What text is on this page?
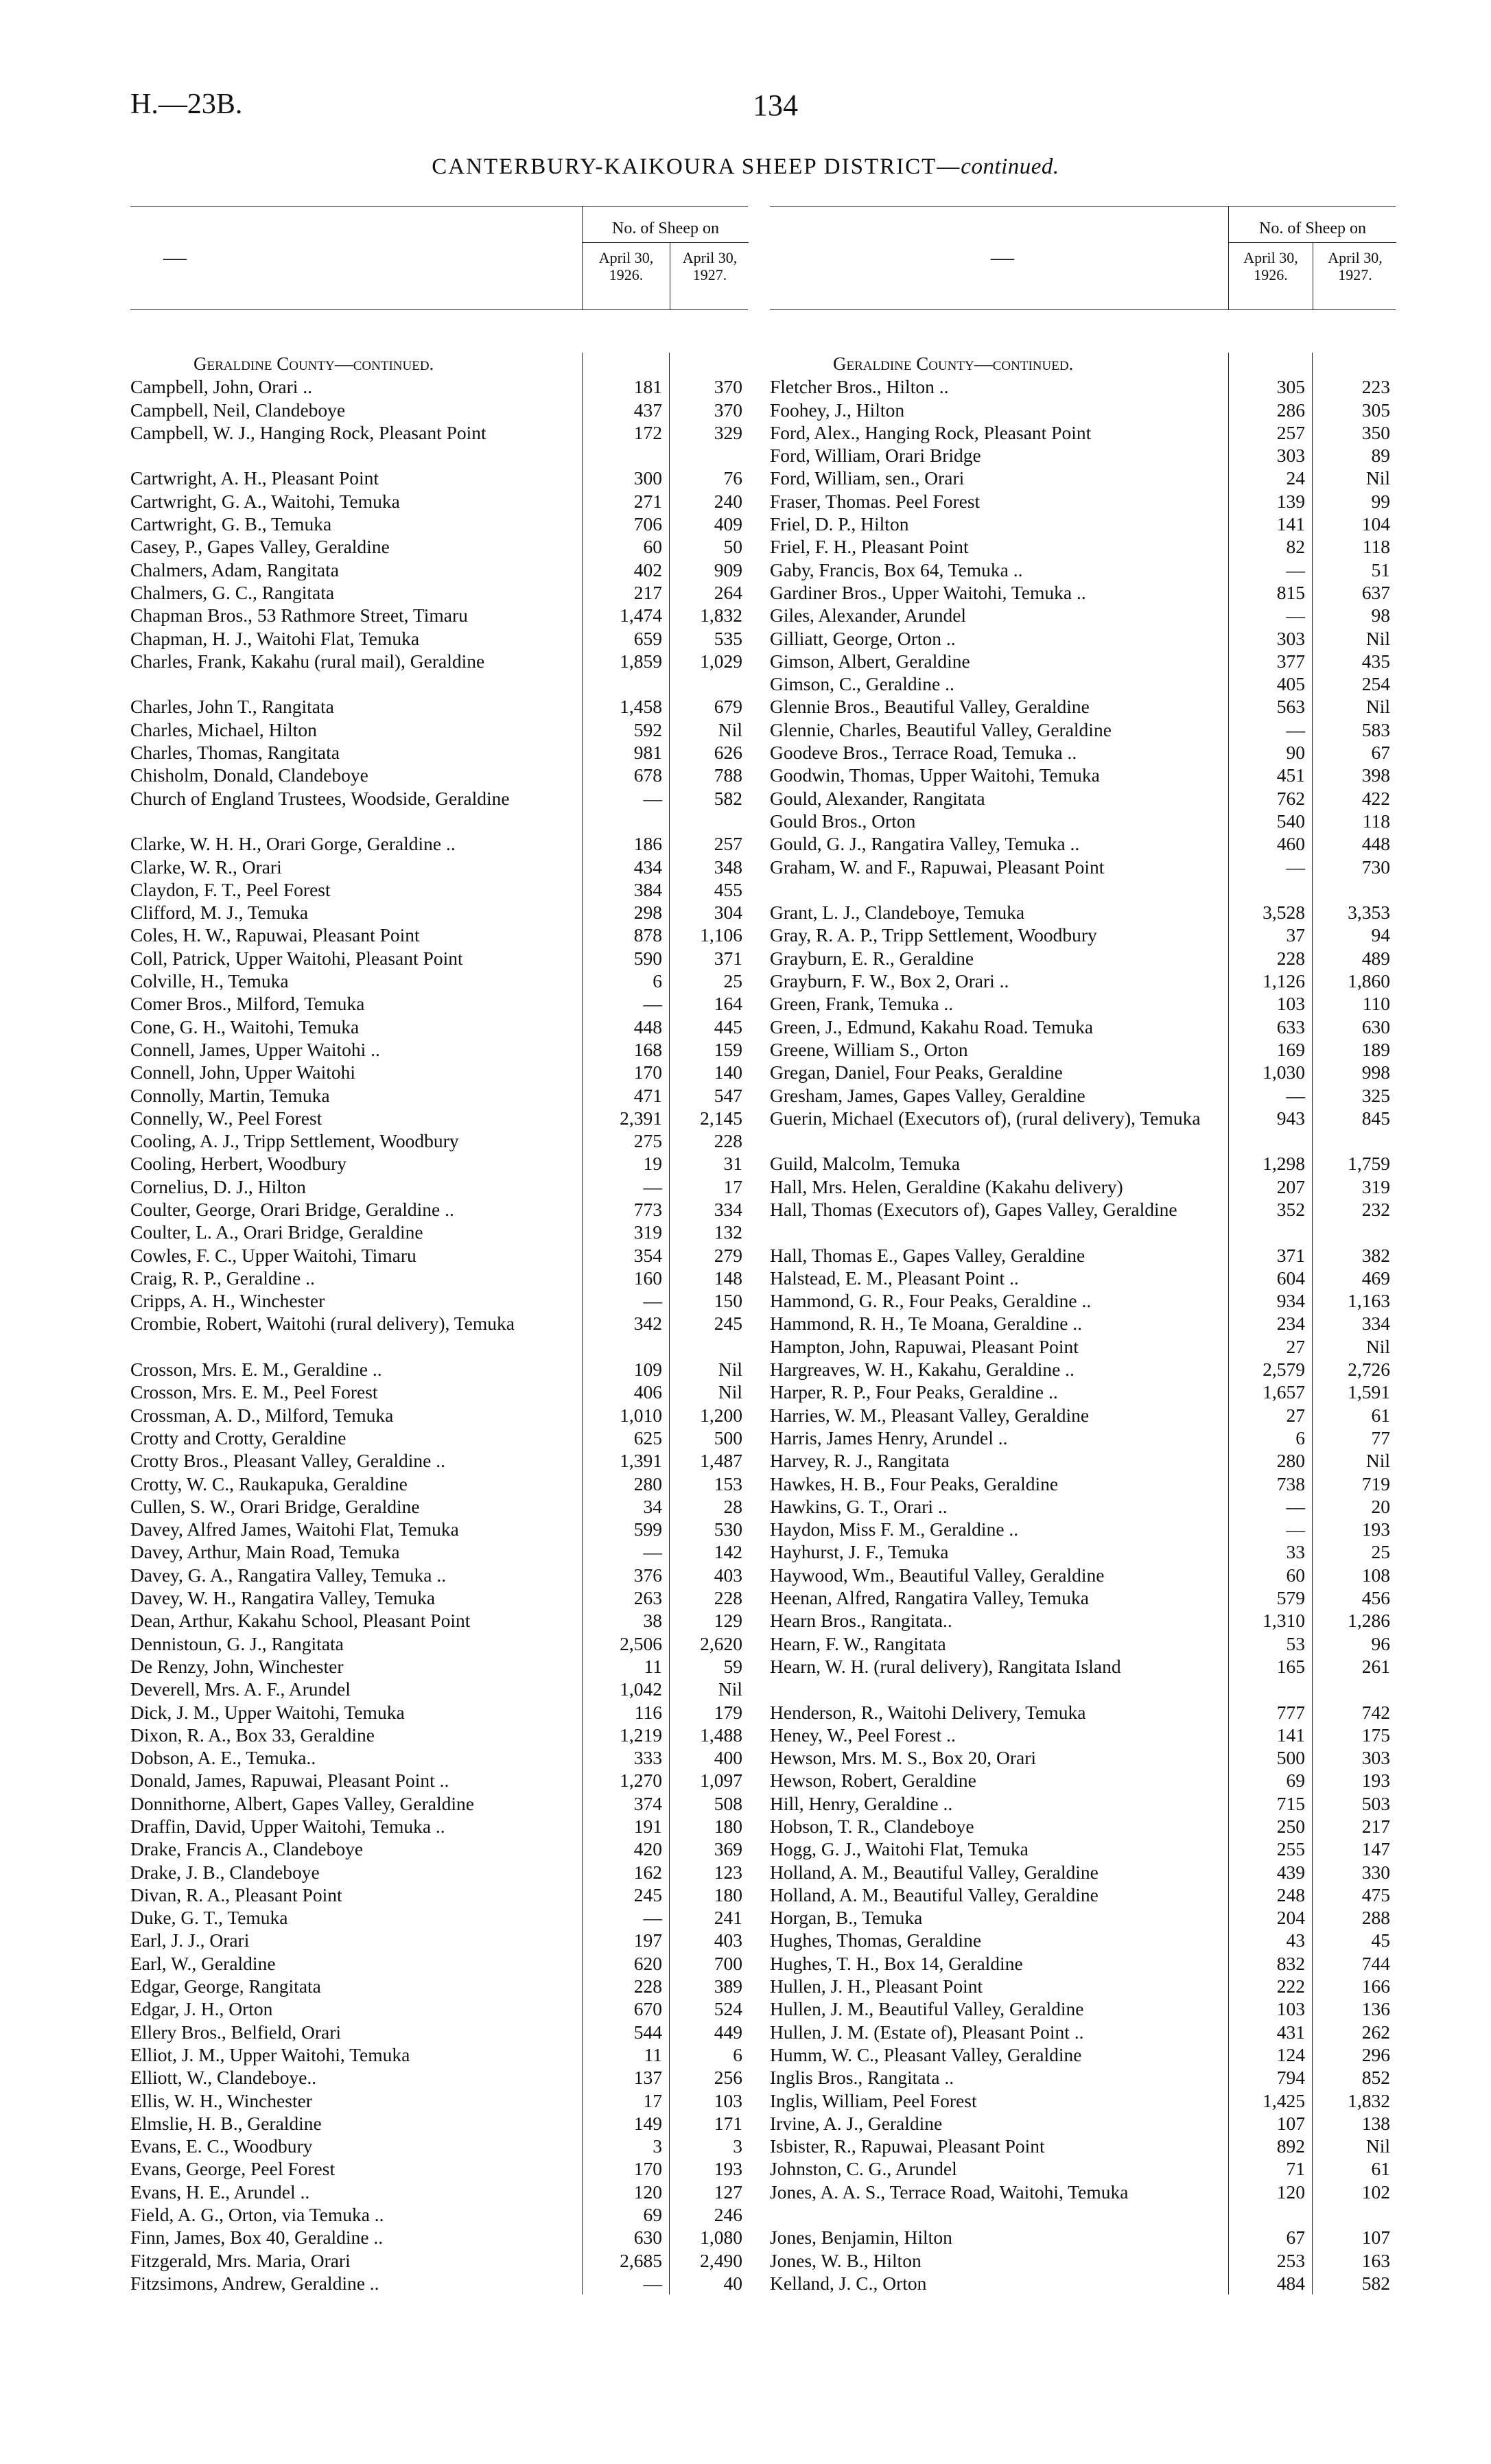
H.—23B.	134
CANTERBURY-KAIKOURA SHEEP DISTRICT—continued.
—
No. of Sheep on
April 30, 1926.
April 30, 1927.
Geraldine County—continued.
Campbell, John, Orari ..	181	370
Campbell, Neil, Clandeboye	437	370
Campbell, W. J., Hanging Rock, Pleasant Point	172	329
Cartwright, A. H., Pleasant Point	300	76
Cartwright, G. A., Waitohi, Temuka	271	240
Cartwright, G. B., Temuka	706	409
Casey, P., Gapes Valley, Geraldine	60	50
Chalmers, Adam, Rangitata	402	909
Chalmers, G. C., Rangitata	217	264
Chapman Bros., 53 Rathmore Street, Timaru	1,474	1,832
Chapman, H. J., Waitohi Flat, Temuka	659	535
Charles, Frank, Kakahu (rural mail), Geraldine	1,859	1,029
Charles, John T., Rangitata	1,458	679
Charles, Michael, Hilton	592	Nil
Charles, Thomas, Rangitata	981	626
Chisholm, Donald, Clandeboye	678	788
Church of England Trustees, Woodside, Geraldine	—	582
Clarke, W. H. H., Orari Gorge, Geraldine ..	186	257
Clarke, W. R., Orari	434	348
Claydon, F. T., Peel Forest	384	455
Clifford, M. J., Temuka	298	304
Coles, H. W., Rapuwai, Pleasant Point	878	1,106
Coll, Patrick, Upper Waitohi, Pleasant Point	590	371
Colville, H., Temuka	6	25
Comer Bros., Milford, Temuka	—	164
Cone, G. H., Waitohi, Temuka	448	445
Connell, James, Upper Waitohi ..	168	159
Connell, John, Upper Waitohi	170	140
Connolly, Martin, Temuka	471	547
Connelly, W., Peel Forest	2,391	2,145
Cooling, A. J., Tripp Settlement, Woodbury	275	228
Cooling, Herbert, Woodbury	19	31
Cornelius, D. J., Hilton	—	17
Coulter, George, Orari Bridge, Geraldine ..	773	334
Coulter, L. A., Orari Bridge, Geraldine	319	132
Cowles, F. C., Upper Waitohi, Timaru	354	279
Craig, R. P., Geraldine ..	160	148
Cripps, A. H., Winchester	—	150
Crombie, Robert, Waitohi (rural delivery), Temuka	342	245
Crosson, Mrs. E. M., Geraldine ..	109	Nil
Crosson, Mrs. E. M., Peel Forest	406	Nil
Crossman, A. D., Milford, Temuka	1,010	1,200
Crotty and Crotty, Geraldine	625	500
Crotty Bros., Pleasant Valley, Geraldine ..	1,391	1,487
Crotty, W. C., Raukapuka, Geraldine	280	153
Cullen, S. W., Orari Bridge, Geraldine	34	28
Davey, Alfred James, Waitohi Flat, Temuka	599	530
Davey, Arthur, Main Road, Temuka	—	142
Davey, G. A., Rangatira Valley, Temuka ..	376	403
Davey, W. H., Rangatira Valley, Temuka	263	228
Dean, Arthur, Kakahu School, Pleasant Point	38	129
Dennistoun, G. J., Rangitata	2,506	2,620
De Renzy, John, Winchester	11	59
Deverell, Mrs. A. F., Arundel	1,042	Nil
Dick, J. M., Upper Waitohi, Temuka	116	179
Dixon, R. A., Box 33, Geraldine	1,219	1,488
Dobson, A. E., Temuka..	333	400
Donald, James, Rapuwai, Pleasant Point ..	1,270	1,097
Donnithorne, Albert, Gapes Valley, Geraldine	374	508
Draffin, David, Upper Waitohi, Temuka ..	191	180
Drake, Francis A., Clandeboye	420	369
Drake, J. B., Clandeboye	162	123
Divan, R. A., Pleasant Point	245	180
Duke, G. T., Temuka	—	241
Earl, J. J., Orari	197	403
Earl, W., Geraldine	620	700
Edgar, George, Rangitata	228	389
Edgar, J. H., Orton	670	524
Ellery Bros., Belfield, Orari	544	449
Elliot, J. M., Upper Waitohi, Temuka	11	6
Elliott, W., Clandeboye..	137	256
Ellis, W. H., Winchester	17	103
Elmslie, H. B., Geraldine	149	171
Evans, E. C., Woodbury	3	3
Evans, George, Peel Forest	170	193
Evans, H. E., Arundel ..	120	127
Field, A. G., Orton, via Temuka ..	69	246
Finn, James, Box 40, Geraldine ..	630	1,080
Fitzgerald, Mrs. Maria, Orari	2,685	2,490
Fitzsimons, Andrew, Geraldine ..	—	40
—
No. of Sheep on
April 30, 1926.
April 30, 1927.
Geraldine County—continued.
Fletcher Bros., Hilton ..	305	223
Foohey, J., Hilton	286	305
Ford, Alex., Hanging Rock, Pleasant Point	257	350
Ford, William, Orari Bridge	303	89
Ford, William, sen., Orari	24	Nil
Fraser, Thomas. Peel Forest	139	99
Friel, D. P., Hilton	141	104
Friel, F. H., Pleasant Point	82	118
Gaby, Francis, Box 64, Temuka ..	—	51
Gardiner Bros., Upper Waitohi, Temuka ..	815	637
Giles, Alexander, Arundel	—	98
Gilliatt, George, Orton ..	303	Nil
Gimson, Albert, Geraldine	377	435
Gimson, C., Geraldine ..	405	254
Glennie Bros., Beautiful Valley, Geraldine	563	Nil
Glennie, Charles, Beautiful Valley, Geraldine	—	583
Goodeve Bros., Terrace Road, Temuka ..	90	67
Goodwin, Thomas, Upper Waitohi, Temuka	451	398
Gould, Alexander, Rangitata	762	422
Gould Bros., Orton	540	118
Gould, G. J., Rangatira Valley, Temuka ..	460	448
Graham, W. and F., Rapuwai, Pleasant Point	—	730
Grant, L. J., Clandeboye, Temuka	3,528	3,353
Gray, R. A. P., Tripp Settlement, Woodbury	37	94
Grayburn, E. R., Geraldine	228	489
Grayburn, F. W., Box 2, Orari ..	1,126	1,860
Green, Frank, Temuka ..	103	110
Green, J., Edmund, Kakahu Road. Temuka	633	630
Greene, William S., Orton	169	189
Gregan, Daniel, Four Peaks, Geraldine	1,030	998
Gresham, James, Gapes Valley, Geraldine	—	325
Guerin, Michael (Executors of), (rural delivery), Temuka	943	845
Guild, Malcolm, Temuka	1,298	1,759
Hall, Mrs. Helen, Geraldine (Kakahu delivery)	207	319
Hall, Thomas (Executors of), Gapes Valley, Geraldine	352	232
Hall, Thomas E., Gapes Valley, Geraldine	371	382
Halstead, E. M., Pleasant Point ..	604	469
Hammond, G. R., Four Peaks, Geraldine ..	934	1,163
Hammond, R. H., Te Moana, Geraldine ..	234	334
Hampton, John, Rapuwai, Pleasant Point	27	Nil
Hargreaves, W. H., Kakahu, Geraldine ..	2,579	2,726
Harper, R. P., Four Peaks, Geraldine ..	1,657	1,591
Harries, W. M., Pleasant Valley, Geraldine	27	61
Harris, James Henry, Arundel ..	6	77
Harvey, R. J., Rangitata	280	Nil
Hawkes, H. B., Four Peaks, Geraldine	738	719
Hawkins, G. T., Orari ..	—	20
Haydon, Miss F. M., Geraldine ..	—	193
Hayhurst, J. F., Temuka	33	25
Haywood, Wm., Beautiful Valley, Geraldine	60	108
Heenan, Alfred, Rangatira Valley, Temuka	579	456
Hearn Bros., Rangitata..	1,310	1,286
Hearn, F. W., Rangitata	53	96
Hearn, W. H. (rural delivery), Rangitata Island	165	261
Henderson, R., Waitohi Delivery, Temuka	777	742
Heney, W., Peel Forest ..	141	175
Hewson, Mrs. M. S., Box 20, Orari	500	303
Hewson, Robert, Geraldine	69	193
Hill, Henry, Geraldine ..	715	503
Hobson, T. R., Clandeboye	250	217
Hogg, G. J., Waitohi Flat, Temuka	255	147
Holland, A. M., Beautiful Valley, Geraldine	439	330
Holland, A. M., Beautiful Valley, Geraldine	248	475
Horgan, B., Temuka	204	288
Hughes, Thomas, Geraldine	43	45
Hughes, T. H., Box 14, Geraldine	832	744
Hullen, J. H., Pleasant Point	222	166
Hullen, J. M., Beautiful Valley, Geraldine	103	136
Hullen, J. M. (Estate of), Pleasant Point ..	431	262
Humm, W. C., Pleasant Valley, Geraldine	124	296
Inglis Bros., Rangitata ..	794	852
Inglis, William, Peel Forest	1,425	1,832
Irvine, A. J., Geraldine	107	138
Isbister, R., Rapuwai, Pleasant Point	892	Nil
Johnston, C. G., Arundel	71	61
Jones, A. A. S., Terrace Road, Waitohi, Temuka	120	102
Jones, Benjamin, Hilton	67	107
Jones, W. B., Hilton	253	163
Kelland, J. C., Orton	484	582
